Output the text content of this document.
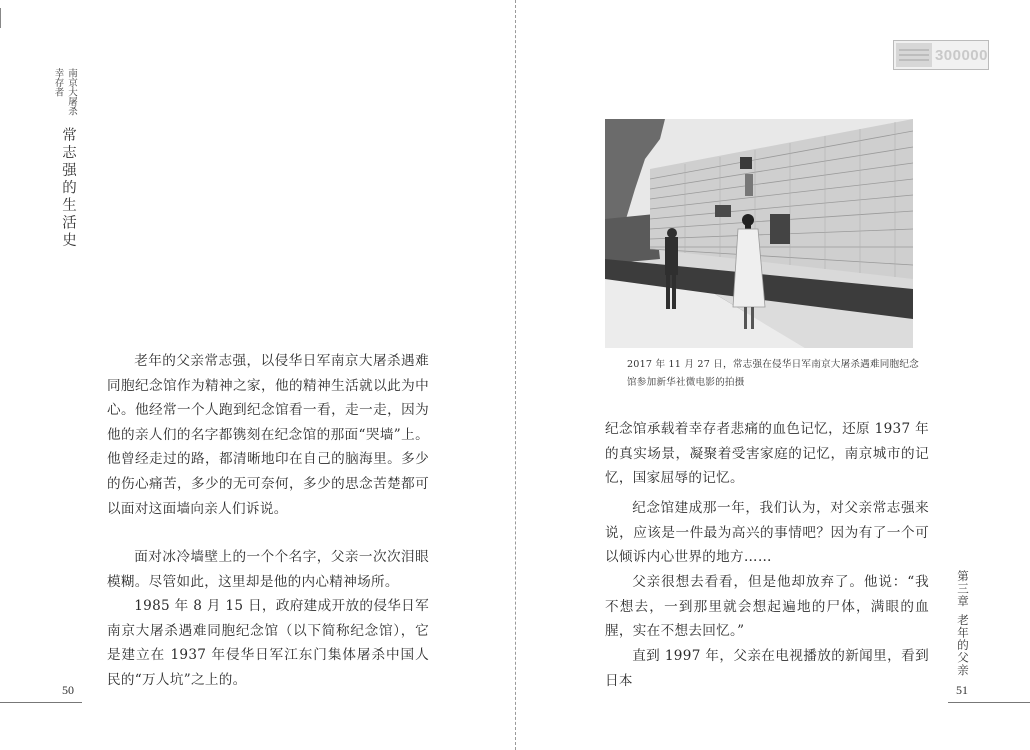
南京大屠杀
幸存者
常志强的生活史

老年的父亲常志强，以侵华日军南京大屠杀遇难同胞纪念馆作为精神之家，他的精神生活就以此为中心。他经常一个人跑到纪念馆看一看，走一走，因为他的亲人们的名字都镌刻在纪念馆的那面“哭墙”上。他曾经走过的路，都清晰地印在自己的脑海里。多少的伤心痛苦，多少的无可奈何，多少的思念苦楚都可以面对这面墙向亲人们诉说。

面对冰冷墙壁上的一个个名字，父亲一次次泪眼模糊。尽管如此，这里却是他的内心精神场所。

1985 年 8 月 15 日，政府建成开放的侵华日军南京大屠杀遇难同胞纪念馆（以下简称纪念馆），它是建立在 1937 年侵华日军江东门集体屠杀中国人民的“万人坑”之上的。

50
300000
2017 年 11 月 27 日，常志强在侵华日军南京大屠杀遇难同胞纪念馆参加新华社微电影的拍摄

纪念馆承载着幸存者悲痛的血色记忆，还原 1937 年的真实场景，凝聚着受害家庭的记忆，南京城市的记忆，国家屈辱的记忆。

纪念馆建成那一年，我们认为，对父亲常志强来说，应该是一件最为高兴的事情吧？因为有了一个可以倾诉内心世界的地方……

父亲很想去看看，但是他却放弃了。他说：“我不想去，一到那里就会想起遍地的尸体，满眼的血腥，实在不想去回忆。”

直到 1997 年，父亲在电视播放的新闻里，看到日本

第三章
老年的父亲
51
